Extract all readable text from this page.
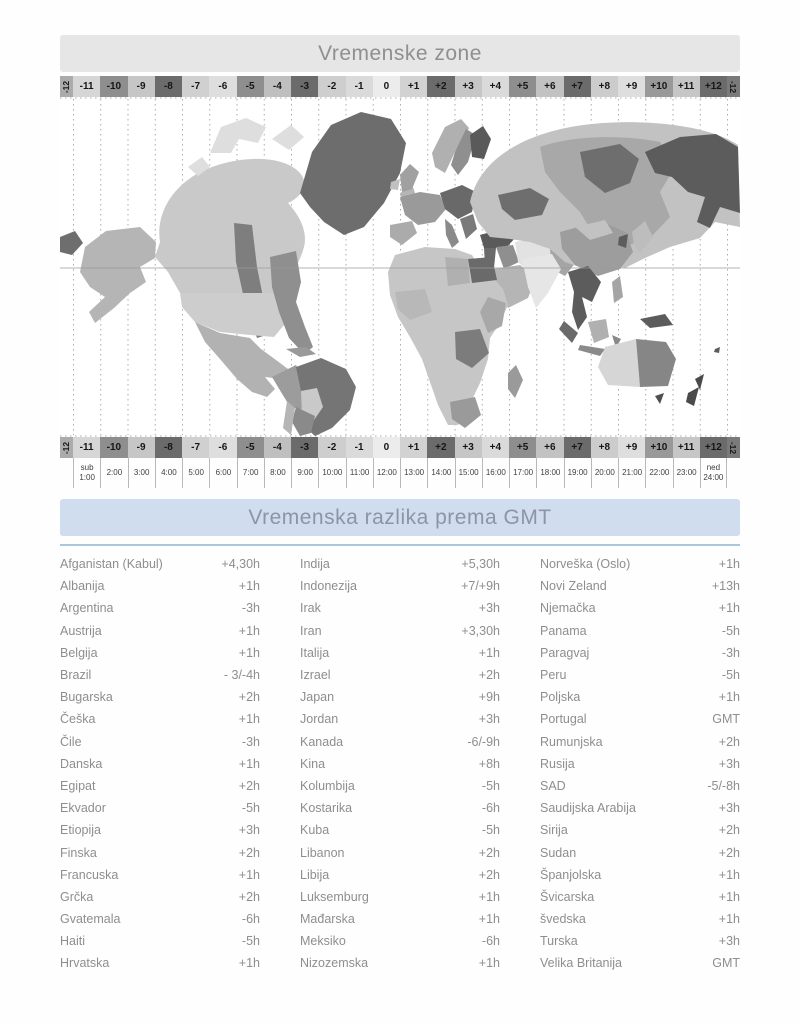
Vremenske zone
-12 -11	-10	-9	-8	-7	-6	-5	-4	-3	-2	-1	0	+1	+2	+3	+4	+5	+6	+7	+8	+9	+10	+11	+12 -12
-12 -11	-10	-9	-8	-7	-6	-5	-4	-3	-2	-1	0	+1	+2	+3	+4	+5	+6	+7	+8	+9	+10	+11	+12 -12
sub
1:00
2:00 3:00 4:00 5:00 6:00 7:00 8:00 9:00 10:00 11:00 12:00 13:00 14:00 15:00 16:00 17:00 18:00 19:00 20:00 21:00 22:00 23:00
ned
24:00
Vremenska razlika prema GMT
Afganistan (Kabul)	+4,30h
Albanija	+1h
Argentina	-3h
Austrija	+1h
Belgija	+1h
Brazil	- 3/-4h
Bugarska	+2h
Češka	+1h
Čile	-3h
Danska	+1h
Egipat	+2h
Ekvador	-5h
Etiopija	+3h
Finska	+2h
Francuska	+1h
Grčka	+2h
Gvatemala	-6h
Haiti	-5h
Hrvatska	+1h
Indija	+5,30h
Indonezija	+7/+9h
Irak	+3h
Iran	+3,30h
Italija	+1h
Izrael	+2h
Japan	+9h
Jordan	+3h
Kanada	-6/-9h
Kina	+8h
Kolumbija	-5h
Kostarika	-6h
Kuba	-5h
Libanon	+2h
Libija	+2h
Luksemburg	+1h
Mađarska	+1h
Meksiko	-6h
Nizozemska	+1h
Norveška (Oslo)	+1h
Novi Zeland	+13h
Njemačka	+1h
Panama	-5h
Paragvaj	-3h
Peru	-5h
Poljska	+1h
Portugal	GMT
Rumunjska	+2h
Rusija	+3h
SAD	-5/-8h
Saudijska Arabija	+3h
Sirija	+2h
Sudan	+2h
Španjolska	+1h
Švicarska	+1h
švedska	+1h
Turska	+3h
Velika Britanija	GMT
